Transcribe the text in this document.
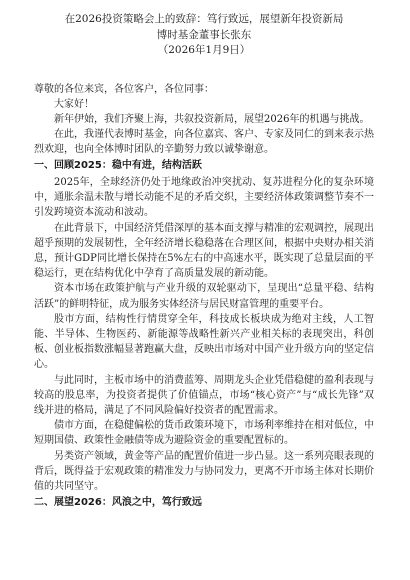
在2026投资策略会上的致辞：笃行致远，展望新年投资新局
博时基金董事长张东
（2026年1月9日）
尊敬的各位来宾，各位客户，各位同事：

大家好！

新年伊始，我们齐聚上海，共叙投资新局，展望2026年的机遇与挑战。

在此，我谨代表博时基金，向各位嘉宾、客户、专家及同仁的到来表示热烈欢迎，也向全体博时团队的辛勤努力致以诚挚谢意。

一、回顾2025：稳中有进，结构活跃

2025年，全球经济仍处于地缘政治冲突扰动、复苏进程分化的复杂环境中，通胀余温未散与增长动能不足的矛盾交织，主要经济体政策调整节奏不一引发跨境资本流动和波动。

在此背景下，中国经济凭借深厚的基本面支撑与精准的宏观调控，展现出超乎预期的发展韧性，全年经济增长稳稳落在合理区间，根据中央财办相关消息，预计GDP同比增长保持在5%左右的中高速水平，既实现了总量层面的平稳运行，更在结构优化中孕育了高质量发展的新动能。

资本市场在政策护航与产业升级的双轮驱动下，呈现出“总量平稳、结构活跃”的鲜明特征，成为服务实体经济与居民财富管理的重要平台。

股市方面，结构性行情贯穿全年，科技成长板块成为绝对主线，人工智能、半导体、生物医药、新能源等战略性新兴产业相关标的表现突出，科创板、创业板指数涨幅显著跑赢大盘，反映出市场对中国产业升级方向的坚定信心。

与此同时，主板市场中的消费蓝筹、周期龙头企业凭借稳健的盈利表现与较高的股息率，为投资者提供了价值锚点，市场“核心资产”与“成长先锋”双线并进的格局，满足了不同风险偏好投资者的配置需求。

债市方面，在稳健偏松的货币政策环境下，市场利率维持在相对低位，中短期国债、政策性金融债等成为避险资金的重要配置标的。

另类资产领域，黄金等产品的配置价值进一步凸显。这一系列亮眼表现的背后，既得益于宏观政策的精准发力与协同发力，更离不开市场主体对长期价值的共同坚守。

二、展望2026：风浪之中，笃行致远
